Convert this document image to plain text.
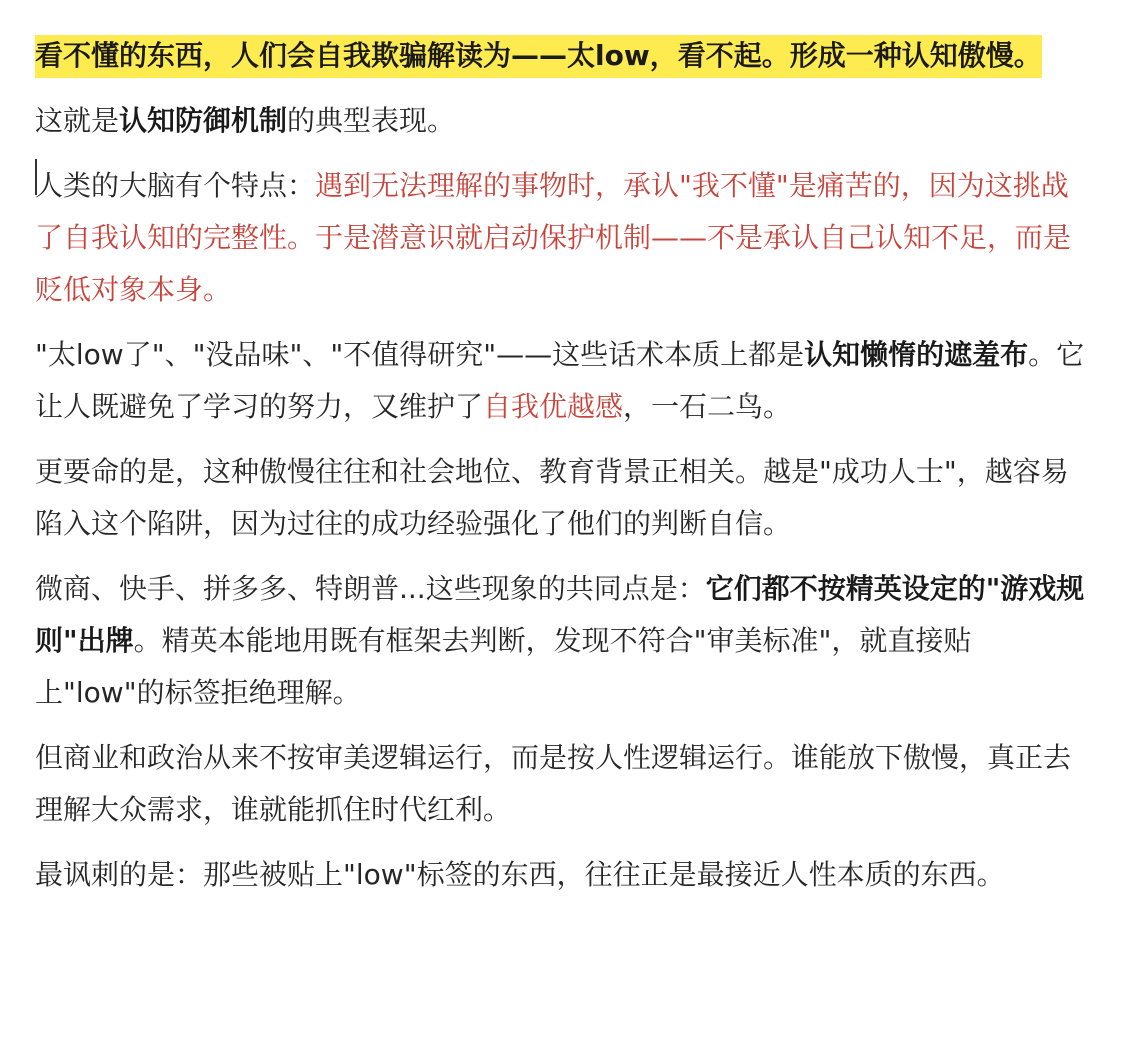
看不懂的东西，人们会自我欺骗解读为——太low，看不起。形成一种认知傲慢。

这就是认知防御机制的典型表现。

人类的大脑有个特点：遇到无法理解的事物时，承认"我不懂"是痛苦的，因为这挑战了自我认知的完整性。于是潜意识就启动保护机制——不是承认自己认知不足，而是贬低对象本身。

"太low了"、"没品味"、"不值得研究"——这些话术本质上都是认知懒惰的遮羞布。它让人既避免了学习的努力，又维护了自我优越感，一石二鸟。

更要命的是，这种傲慢往往和社会地位、教育背景正相关。越是"成功人士"，越容易陷入这个陷阱，因为过往的成功经验强化了他们的判断自信。

微商、快手、拼多多、特朗普...这些现象的共同点是：它们都不按精英设定的"游戏规则"出牌。精英本能地用既有框架去判断，发现不符合"审美标准"，就直接贴上"low"的标签拒绝理解。

但商业和政治从来不按审美逻辑运行，而是按人性逻辑运行。谁能放下傲慢，真正去理解大众需求，谁就能抓住时代红利。

最讽刺的是：那些被贴上"low"标签的东西，往往正是最接近人性本质的东西。
